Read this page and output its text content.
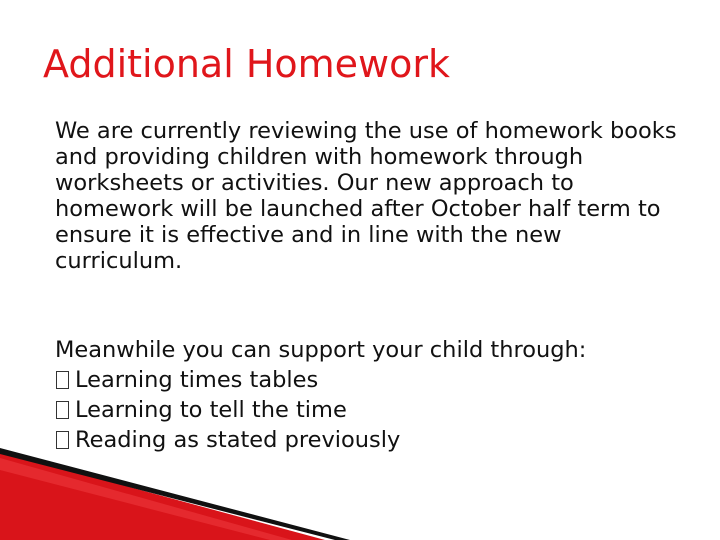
Additional Homework

We are currently reviewing the use of homework books and providing children with homework through worksheets or activities. Our new approach to homework will be launched after October half term to ensure it is effective and in line with the new curriculum.

Meanwhile you can support your child through:

Learning times tables
Learning to tell the time
Reading as stated previously
